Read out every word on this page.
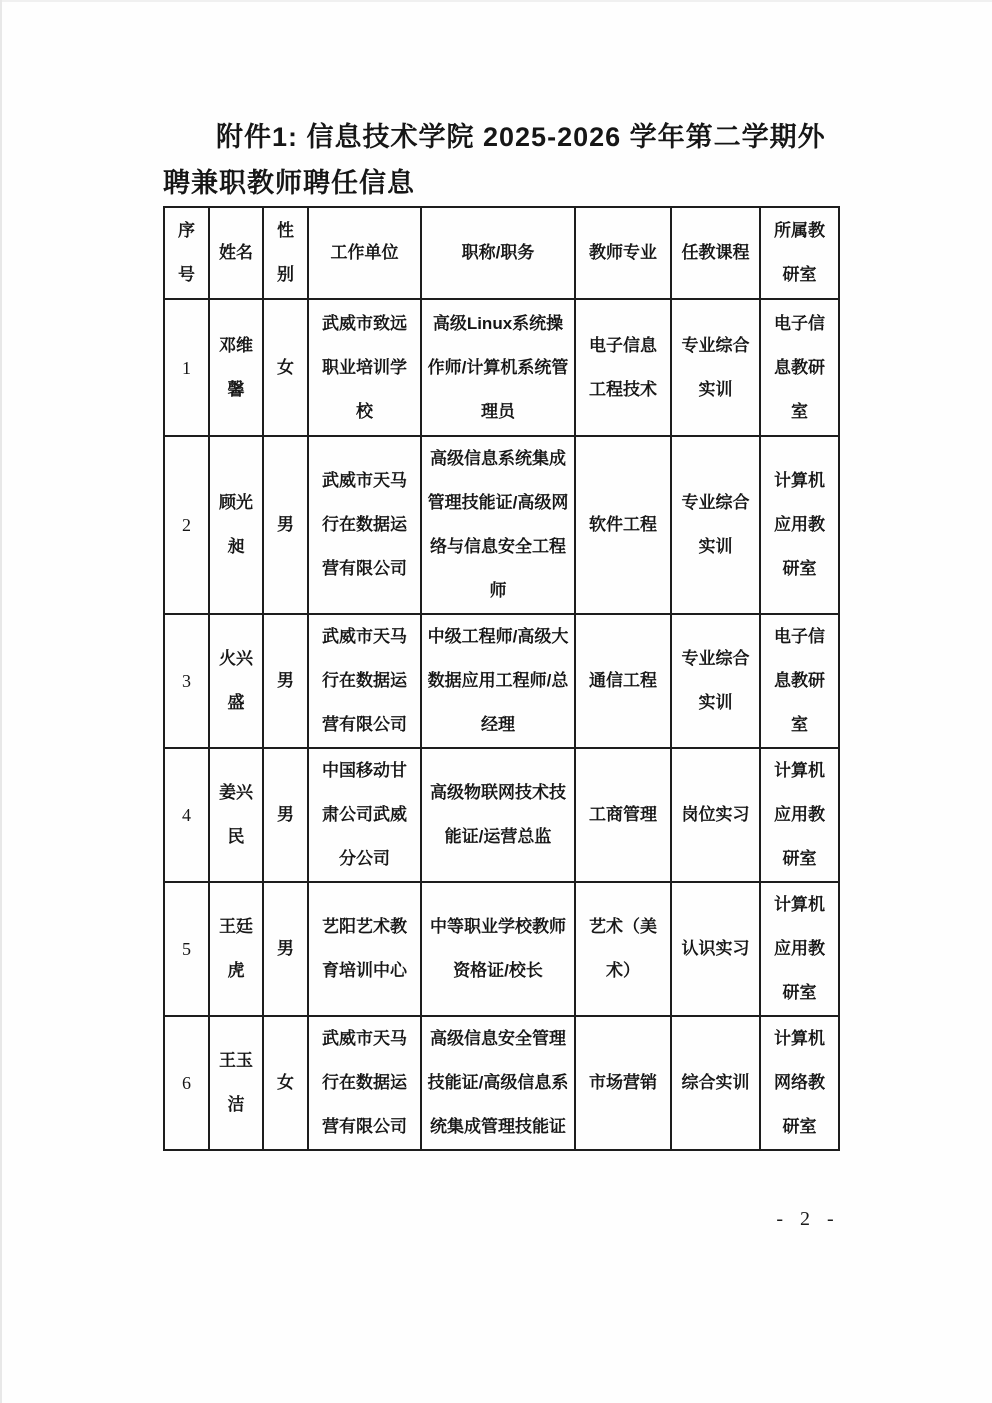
附件1: 信息技术学院 2025-2026 学年第二学期外聘兼职教师聘任信息
序号	姓名	性别	工作单位	职称/职务	教师专业	任教课程	所属教研室
1	邓维馨	女	武威市致远职业培训学校	高级Linux系统操作师/计算机系统管理员	电子信息工程技术	专业综合实训	电子信息教研室
2	顾光昶	男	武威市天马行在数据运营有限公司	高级信息系统集成管理技能证/高级网络与信息安全工程师	软件工程	专业综合实训	计算机应用教研室
3	火兴盛	男	武威市天马行在数据运营有限公司	中级工程师/高级大数据应用工程师/总经理	通信工程	专业综合实训	电子信息教研室
4	姜兴民	男	中国移动甘肃公司武威分公司	高级物联网技术技能证/运营总监	工商管理	岗位实习	计算机应用教研室
5	王廷虎	男	艺阳艺术教育培训中心	中等职业学校教师资格证/校长	艺术（美术）	认识实习	计算机应用教研室
6	王玉洁	女	武威市天马行在数据运营有限公司	高级信息安全管理技能证/高级信息系统集成管理技能证	市场营销	综合实训	计算机网络教研室
- 2 -
